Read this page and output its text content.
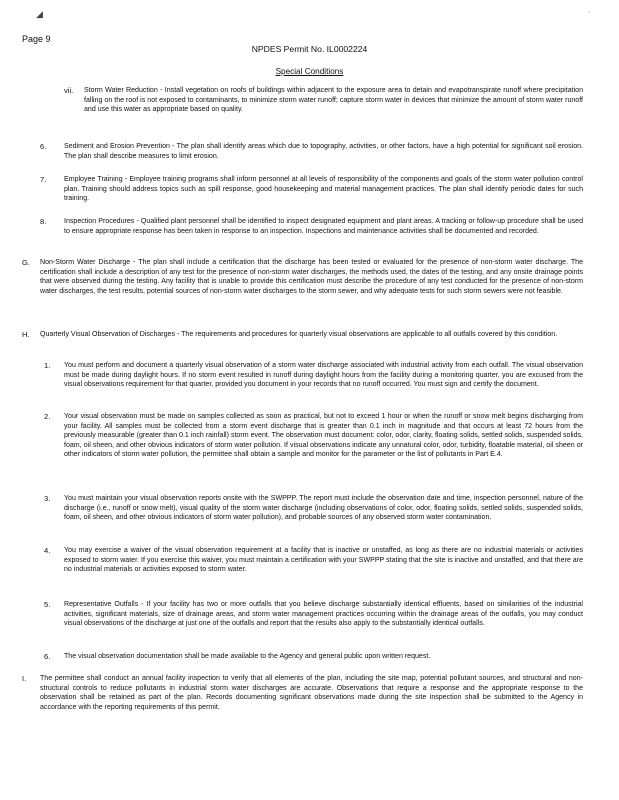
◢	·
Page 9
NPDES Permit No. IL0002224
Special Conditions
vii. Storm Water Reduction - Install vegetation on roofs of buildings within adjacent to the exposure area to detain and evapotranspirate runoff where precipitation falling on the roof is not exposed to contaminants, to minimize storm water runoff; capture storm water in devices that minimize the amount of storm water runoff and use this water as appropriate based on quality.
6.	Sediment and Erosion Prevention - The plan shall identify areas which due to topography, activities, or other factors, have a high potential for significant soil erosion. The plan shall describe measures to limit erosion.
7.	Employee Training - Employee training programs shall inform personnel at all levels of responsibility of the components and goals of the storm water pollution control plan. Training should address topics such as spill response, good housekeeping and material management practices. The plan shall identify periodic dates for such training.
8.	Inspection Procedures - Qualified plant personnel shall be identified to inspect designated equipment and plant areas. A tracking or follow-up procedure shall be used to ensure appropriate response has been taken in response to an inspection. Inspections and maintenance activities shall be documented and recorded.
G. Non-Storm Water Discharge - The plan shall include a certification that the discharge has been tested or evaluated for the presence of non-storm water discharge. The certification shall include a description of any test for the presence of non-storm water discharges, the methods used, the dates of the testing, and any onsite drainage points that were observed during the testing. Any facility that is unable to provide this certification must describe the procedure of any test conducted for the presence of non-storm water discharges, the test results, potential sources of non-storm water discharges to the storm sewer, and why adequate tests for such storm sewers were not feasible.
H. Quarterly Visual Observation of Discharges - The requirements and procedures for quarterly visual observations are applicable to all outfalls covered by this condition.
1. You must perform and document a quarterly visual observation of a storm water discharge associated with industrial activity from each outfall. The visual observation must be made during daylight hours. If no storm event resulted in runoff during daylight hours from the facility during a monitoring quarter, you are excused from the visual observations requirement for that quarter, provided you document in your records that no runoff occurred. You must sign and certify the document.
2. Your visual observation must be made on samples collected as soon as practical, but not to exceed 1 hour or when the runoff or snow melt begins discharging from your facility. All samples must be collected from a storm event discharge that is greater than 0.1 inch in magnitude and that occurs at least 72 hours from the previously measurable (greater than 0.1 inch rainfall) storm event. The observation must document: color, odor, clarity, floating solids, settled solids, suspended solids, foam, oil sheen, and other obvious indicators of storm water pollution. If visual observations indicate any unnatural color, odor, turbidity, floatable material, oil sheen or other indicators of storm water pollution, the permittee shall obtain a sample and monitor for the parameter or the list of pollutants in Part E.4.
3. You must maintain your visual observation reports onsite with the SWPPP. The report must include the observation date and time, inspection personnel, nature of the discharge (i.e., runoff or snow melt), visual quality of the storm water discharge (including observations of color, odor, floating solids, settled solids, suspended solids, foam, oil sheen, and other obvious indicators of storm water pollution), and probable sources of any observed storm water contamination.
4. You may exercise a waiver of the visual observation requirement at a facility that is inactive or unstaffed, as long as there are no industrial materials or activities exposed to storm water. If you exercise this waiver, you must maintain a certification with your SWPPP stating that the site is inactive and unstaffed, and that there are no industrial materials or activities exposed to storm water.
5. Representative Outfalls - If your facility has two or more outfalls that you believe discharge substantially identical effluents, based on similarities of the industrial activities, significant materials, size of drainage areas, and storm water management practices occurring within the drainage areas of the outfalls, you may conduct visual observations of the discharge at just one of the outfalls and report that the results also apply to the substantially identical outfalls.
6. The visual observation documentation shall be made available to the Agency and general public upon written request.
I. The permittee shall conduct an annual facility inspection to verify that all elements of the plan, including the site map, potential pollutant sources, and structural and non-structural controls to reduce pollutants in industrial storm water discharges are accurate. Observations that require a response and the appropriate response to the observation shall be retained as part of the plan. Records documenting significant observations made during the site inspection shall be submitted to the Agency in accordance with the reporting requirements of this permit.
